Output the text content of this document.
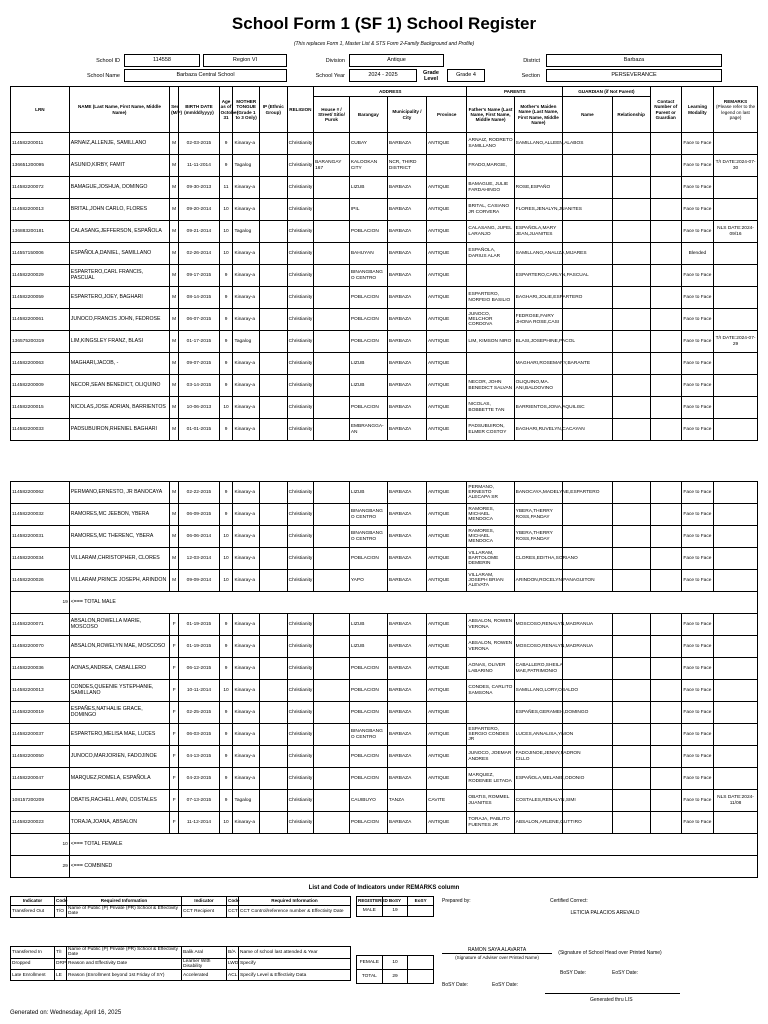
School Form 1 (SF 1) School Register
(This replaces Form 1, Master List & STS Form 2-Family Background and Profile)
School ID	114558	Region VI	Division	Antique	District	Barbaza
School Name	Barbaza Central School	School Year	2024 - 2025	Grade Level
Grade 4	Section	PERSEVERANCE
LRN	NAME (Last Name, First Name, Middle Name)	Sex (M/F)	BIRTH DATE (mm/dd/yyyy)	Age as of October 31	MOTHER TONGUE (Grade 1 to 3 Only)	IP (Ethnic Group)	RELIGION	ADDRESS				PARENTS		GUARDIAN (if Not Parent)		Contact Number of Parent or Guardian	Learning Modality	REMARKS
(Please refer to the legend on last page)
								House # / Street/ Sitio/ Purok	Barangay	Municipality / City	Province	Father's Name (Last Name, First Name, Middle Name)	Mother's Maiden Name (Last Name, First Name, Middle Name)	Name	Relationship			
114582200011	ARNAIZ,ALLENJE, SAMILLANO	M	02-03-2015	9	Kinaray-a		Christianity		CUBAY	BARBAZA	ANTIQUE	ARNAIZ, RODRETO SAMILLANO	SAMILLANO,ALLEEN,ALABOS				Face to Face	
136651200095	ASUNIO,KIRBY, FAMIT	M	11-11-2014	9	Tagalog		Christianity	BARANGAY 167	KALOOKAN CITY	NCR, THIRD DISTRICT		FRADO,MARGIE,					Face to Face	T/I DATE:2024-07-30
114582200072	BAMAGUE,JOSHUA, DOMINGO	M	09-30-2013	11	Kinaray-a		Christianity		LIZUB	BARBAZA	ANTIQUE	BAMAGUE, JULIE FARDAHINGO	ROSE,ESPAÑO				Face to Face	
114582200013	BRITAL,JOHN CARLO, FLORES	M	09-20-2014	10	Kinaray-a		Christianity		IPIL	BARBAZA	ANTIQUE	BRITAL, CASIANO JR CORVERA	FLORES,JENALYN,JUANITES				Face to Face	
136883200181	CALASANG,JEFFERSON, ESPAÑOLA	M	09-21-2014	10	Tagalog		Christianity		POBLACION	BARBAZA	ANTIQUE	CALASANG, JUFEL LARANJO	ESPAÑOLA,MARY JEAN,JUANITES				Face to Face	NLS DATE:2024-09/16
114557150006	ESPAÑOLA,DANIEL, SAMILLANO	M	02-26-2014	10	Kinaray-a		Christianity		BAHUYAN	BARBAZA	ANTIQUE	ESPAÑOLA, DARIUS ALAR	SAMILLANO,ANALIZA,MIJARES				Blended	
114582200029	ESPARTERO,CARL FRANCIS, PASCUAL	M	09-17-2015	9	Kinaray-a		Christianity		BINANGBANG O CENTRO	BARBAZA	ANTIQUE		ESPARTERO,CARLYN,PASCUAL				Face to Face	
114582200059	ESPARTERO,JOEY, BAGHARI	M	08-14-2015	9	Kinaray-a		Christianity		POBLACION	BARBAZA	ANTIQUE	ESPARTERO, NORFEIO BASILIO	BAGHARI,JOLIE,ESPARTERO				Face to Face	
114582200061	JUNOCO,FRANCIS JOHN, FEDROSE	M	06-07-2015	9	Kinaray-a		Christianity		POBLACION	BARBAZA	ANTIQUE	JUNOCO, MELCHOR CORDOVA	FEDROSE,FAIRY JHONA ROSE,CASI				Face to Face	
136575200319	LIM,KINGSLEY FRANZ, BLASI	M	01-17-2015	9	Tagalog		Christianity		POBLACION	BARBAZA	ANTIQUE	LIM, KIMSON NIRO	BLASI,JOSEPHINE,PACOL				Face to Face	T/I DATE:2024-07-29
114582200063	MAGHARI,JACOB, -	M	09-07-2015	9	Kinaray-a		Christianity		LIZUB	BARBAZA	ANTIQUE		MAGHARI,ROSEMARY,BARANTE				Face to Face	
114582200009	NECOR,SEAN BENEDICT, OLIQUINO	M	03-14-2015	9	Kinaray-a		Christianity		LIZUB	BARBAZA	ANTIQUE	NECOR, JOHN BENEDICT SALVAN	OLIQUINO,MA. ANI,BALDOVINO				Face to Face	
114582200015	NICOLAS,JOSE ADRIAN, BARRIENTOS	M	10-06-2013	10	Kinaray-a		Christianity		POBLACION	BARBAZA	ANTIQUE	NICOLAS, BOBBETTE TAN	BARRIENTOS,JONA,AQUILISC				Face to Face	
114582200033	PADSUBUIRON,RHENIEL BAGHARI	M	01-01-2015	9	Kinaray-a		Christianity		EMBRANGGA-AN	BARBAZA	ANTIQUE	PADSUBUIRON, ELMER COSTOY	BAGHARI,RUVELYN,CACAYAN				Face to Face	
114582200062	PERMANO,ERNESTO, JR BANOCAYA	M	02-22-2015	9	Kinaray-a		Christianity		LIZUB	BARBAZA	ANTIQUE	PERMANO, ERNESTO ALECAPA SR	BANOCAYA,MADELYNE,ESPARTERO				Face to Face	
114582200032	RAMORES,MC JEEBON, YBERA	M	06-09-2015	9	Kinaray-a		Christianity		BINANGBANG O CENTRO	BARBAZA	ANTIQUE	RAMORES, MICHAEL MENDOCA	YBERA,THERRY ROSS,PANDAY				Face to Face	
114582200031	RAMORES,MC THERENC, YBERA	M	06-06-2014	10	Kinaray-a		Christianity		BINANGBANG O CENTRO	BARBAZA	ANTIQUE	RAMORES, MICHAEL MENDOCA	YBERA,THERRY ROSS,PANDAY				Face to Face	
114582200034	VILLARAM,CHRISTOPHER, CLORES	M	12-03-2014	10	Kinaray-a		Christianity		POBLACION	BARBAZA	ANTIQUE	VILLARAM, BARTOLOME DEMERIN	CLORES,EDITHA,SORIANO				Face to Face	
114582200026	VILLARAM,PRINCE JOSEPH, ARINDON	M	09-09-2014	10	Kinaray-a		Christianity		YAPO	BARBAZA	ANTIQUE	VILLARAM, JOSEPH BRIAN ALEVATA	ARINDON,ROCELYN,PANAGUITON				Face to Face	
19	<=== TOTAL MALE																	
114582200071	ABSALON,ROWELLA MARIE, MOSCOSO	F	01-19-2015	9	Kinaray-a		Christianity		LIZUB	BARBAZA	ANTIQUE	ABSALON, ROWEN VERONA	MOSCOSO,RENALYN,MADRANUA				Face to Face	
114582200070	ABSALON,ROWELYN MAE, MOSCOSO	F	01-19-2015	9	Kinaray-a		Christianity		LIZUB	BARBAZA	ANTIQUE	ABSALON, ROWEN VERONA	MOSCOSO,RENALYN,MADRANUA				Face to Face	
114582200036	AONAS,ANDREA, CABALLERO	F	06-12-2015	9	Kinaray-a		Christianity		POBLACION	BARBAZA	ANTIQUE	AONAS, OLIVER LABARINO	CABALLERO,SHEILA MAE,PATRIMONIO				Face to Face	
114582200013	CONDES,QUEENIE YSTEPHANIE, SAMILLANO	F	10-11-2014	10	Kinaray-a		Christianity		POBLACION	BARBAZA	ANTIQUE	CONDES, CARLITO SAMSONA	SAMILLANO,LORY,OBALDO				Face to Face	
114582200019	ESPAÑES,NATHALIE GRACE, DOMINGO	F	02-25-2015	9	Kinaray-a		Christianity		POBLACION	BARBAZA	ANTIQUE		ESPAÑES,GERAMEH,DOMINGO				Face to Face	
114582200037	ESPARTERO,MELISA MAE, LUCES	F	06-03-2015	9	Kinaray-a		Christianity		BINANGBANG O CENTRO	BARBAZA	ANTIQUE	ESPARTERO, SERGIO CONDES JR	LUCES,ANNALISA,YNION				Face to Face	
114582200050	JUNOCO,MARJORIEN, FADOJINOE	F	04-13-2015	9	Kinaray-a		Christianity		POBLACION	BARBAZA	ANTIQUE	JUNOCO, JOEMAR ANDRES	FADOJINOE,JENNY,FADRON CILLO				Face to Face	
114582200047	MARQUEZ,ROMELA, ESPAÑOLA	F	04-23-2015	9	Kinaray-a		Christianity		POBLACION	BARBAZA	ANTIQUE	MARQUEZ, RODENEE LETADA	ESPAÑOLA,MELANIE,ODONIO				Face to Face	
108157200209	OBATIS,RACHELL ANN, COSTALES	F	07-13-2015	9	Tagalog		Christianity		CAUIBUYO	TANZA	CAVITE	OBATIS, ROMMEL JUANITES	COSTALES,RENALYN,SIMI				Face to Face	NLS DATE:2024-11/08
114582200023	TORAJA,JOANA, ABSALON	F	11-12-2014	10	Kinaray-a		Christianity		POBLACION	BARBAZA	ANTIQUE	TORAJA, PABLITO FUENTES JR	ABSALON,ARLENE,GUTTIRO				Face to Face	
10	<=== TOTAL FEMALE																	
29	<=== COMBINED																	
List and Code of Indicators under REMARKS column
Indicator	Code	Required Information	Indicator	Code	Required Information
Transfered Out	T/O	Name of Public (P) Private (PR) School & Effectivity Date	CCT Recipient	CCT	CCT Control/reference number & Effectivity Date
Transferred In	T/I	Name of Public (P) Private (PR) School & Effectivity Date	Balik Aral	B/A	Name of school last attended & Year
Dropped	DRP	Reason and Effectivity Date	Learner With Disability	LWD	Specify
Late Enrollment	LE	Reason (Enrollment beyond 1st Friday of SY)	Accelerated	ACL	Specify Level & Effectivity Data
REGISTERED	BoSY	EoSY
MALE	19	
FEMALE	10	
TOTAL	29	
Prepared by:
RAMON SAYA ALAVARTA
(Signature of Adviser over Printed Name)
BoSY Date:	EoSY Date:
Certified Correct:
LETICIA PALACIOS AREVALO
(Signature of School Head over Printed Name)
BoSY Date:	EoSY Date:
Generated thru LIS
Generated on: Wednesday, April 16, 2025
